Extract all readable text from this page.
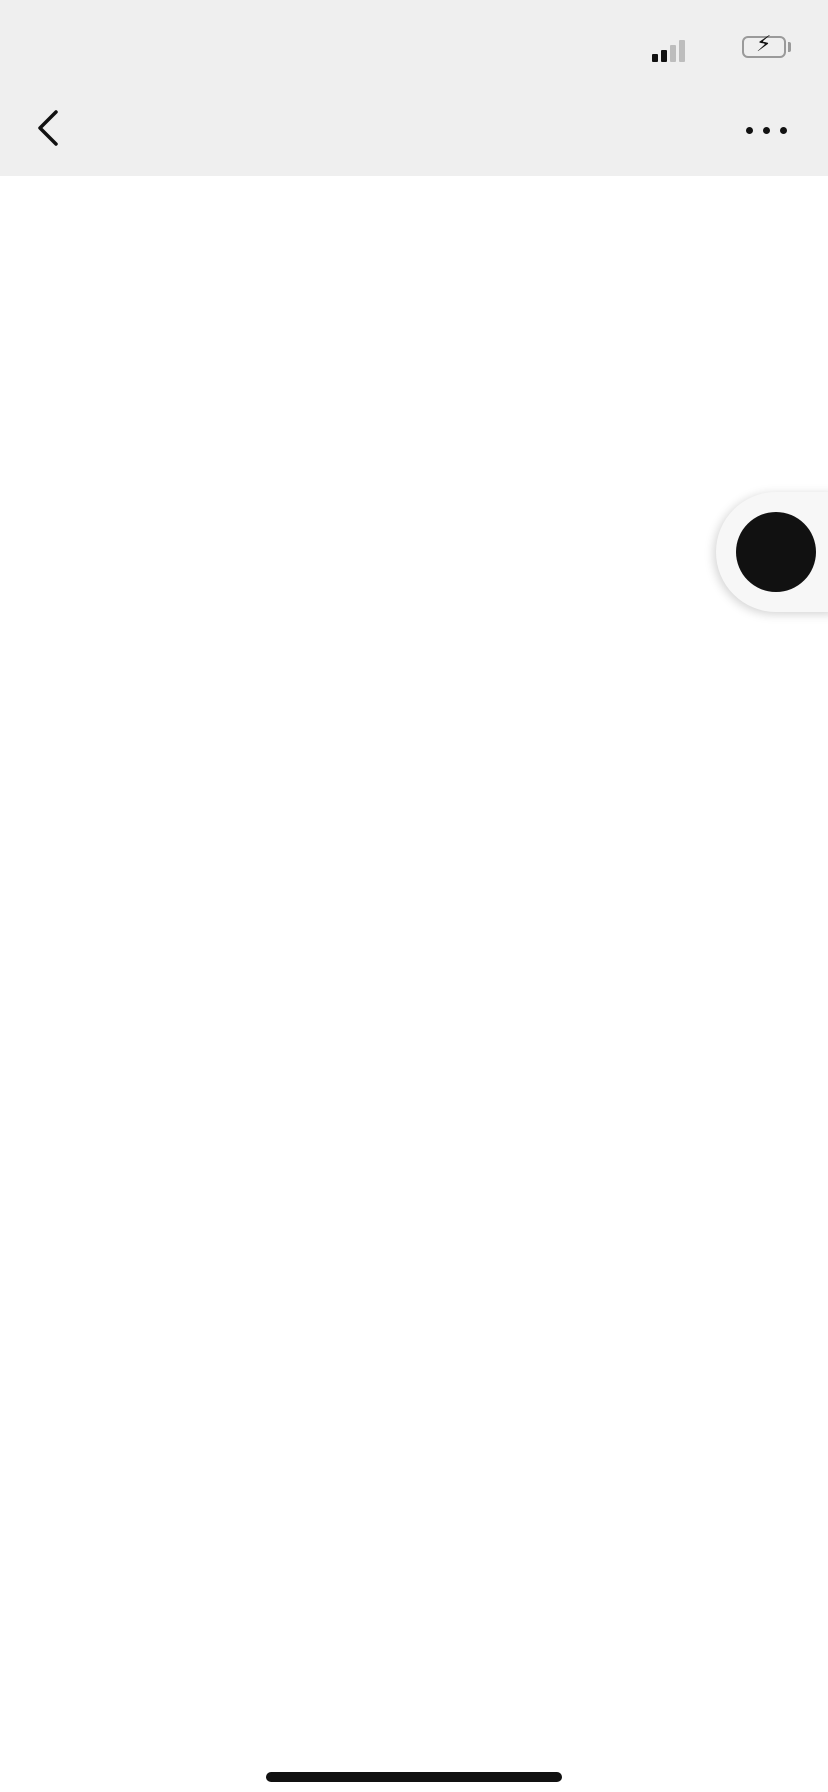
⚡
